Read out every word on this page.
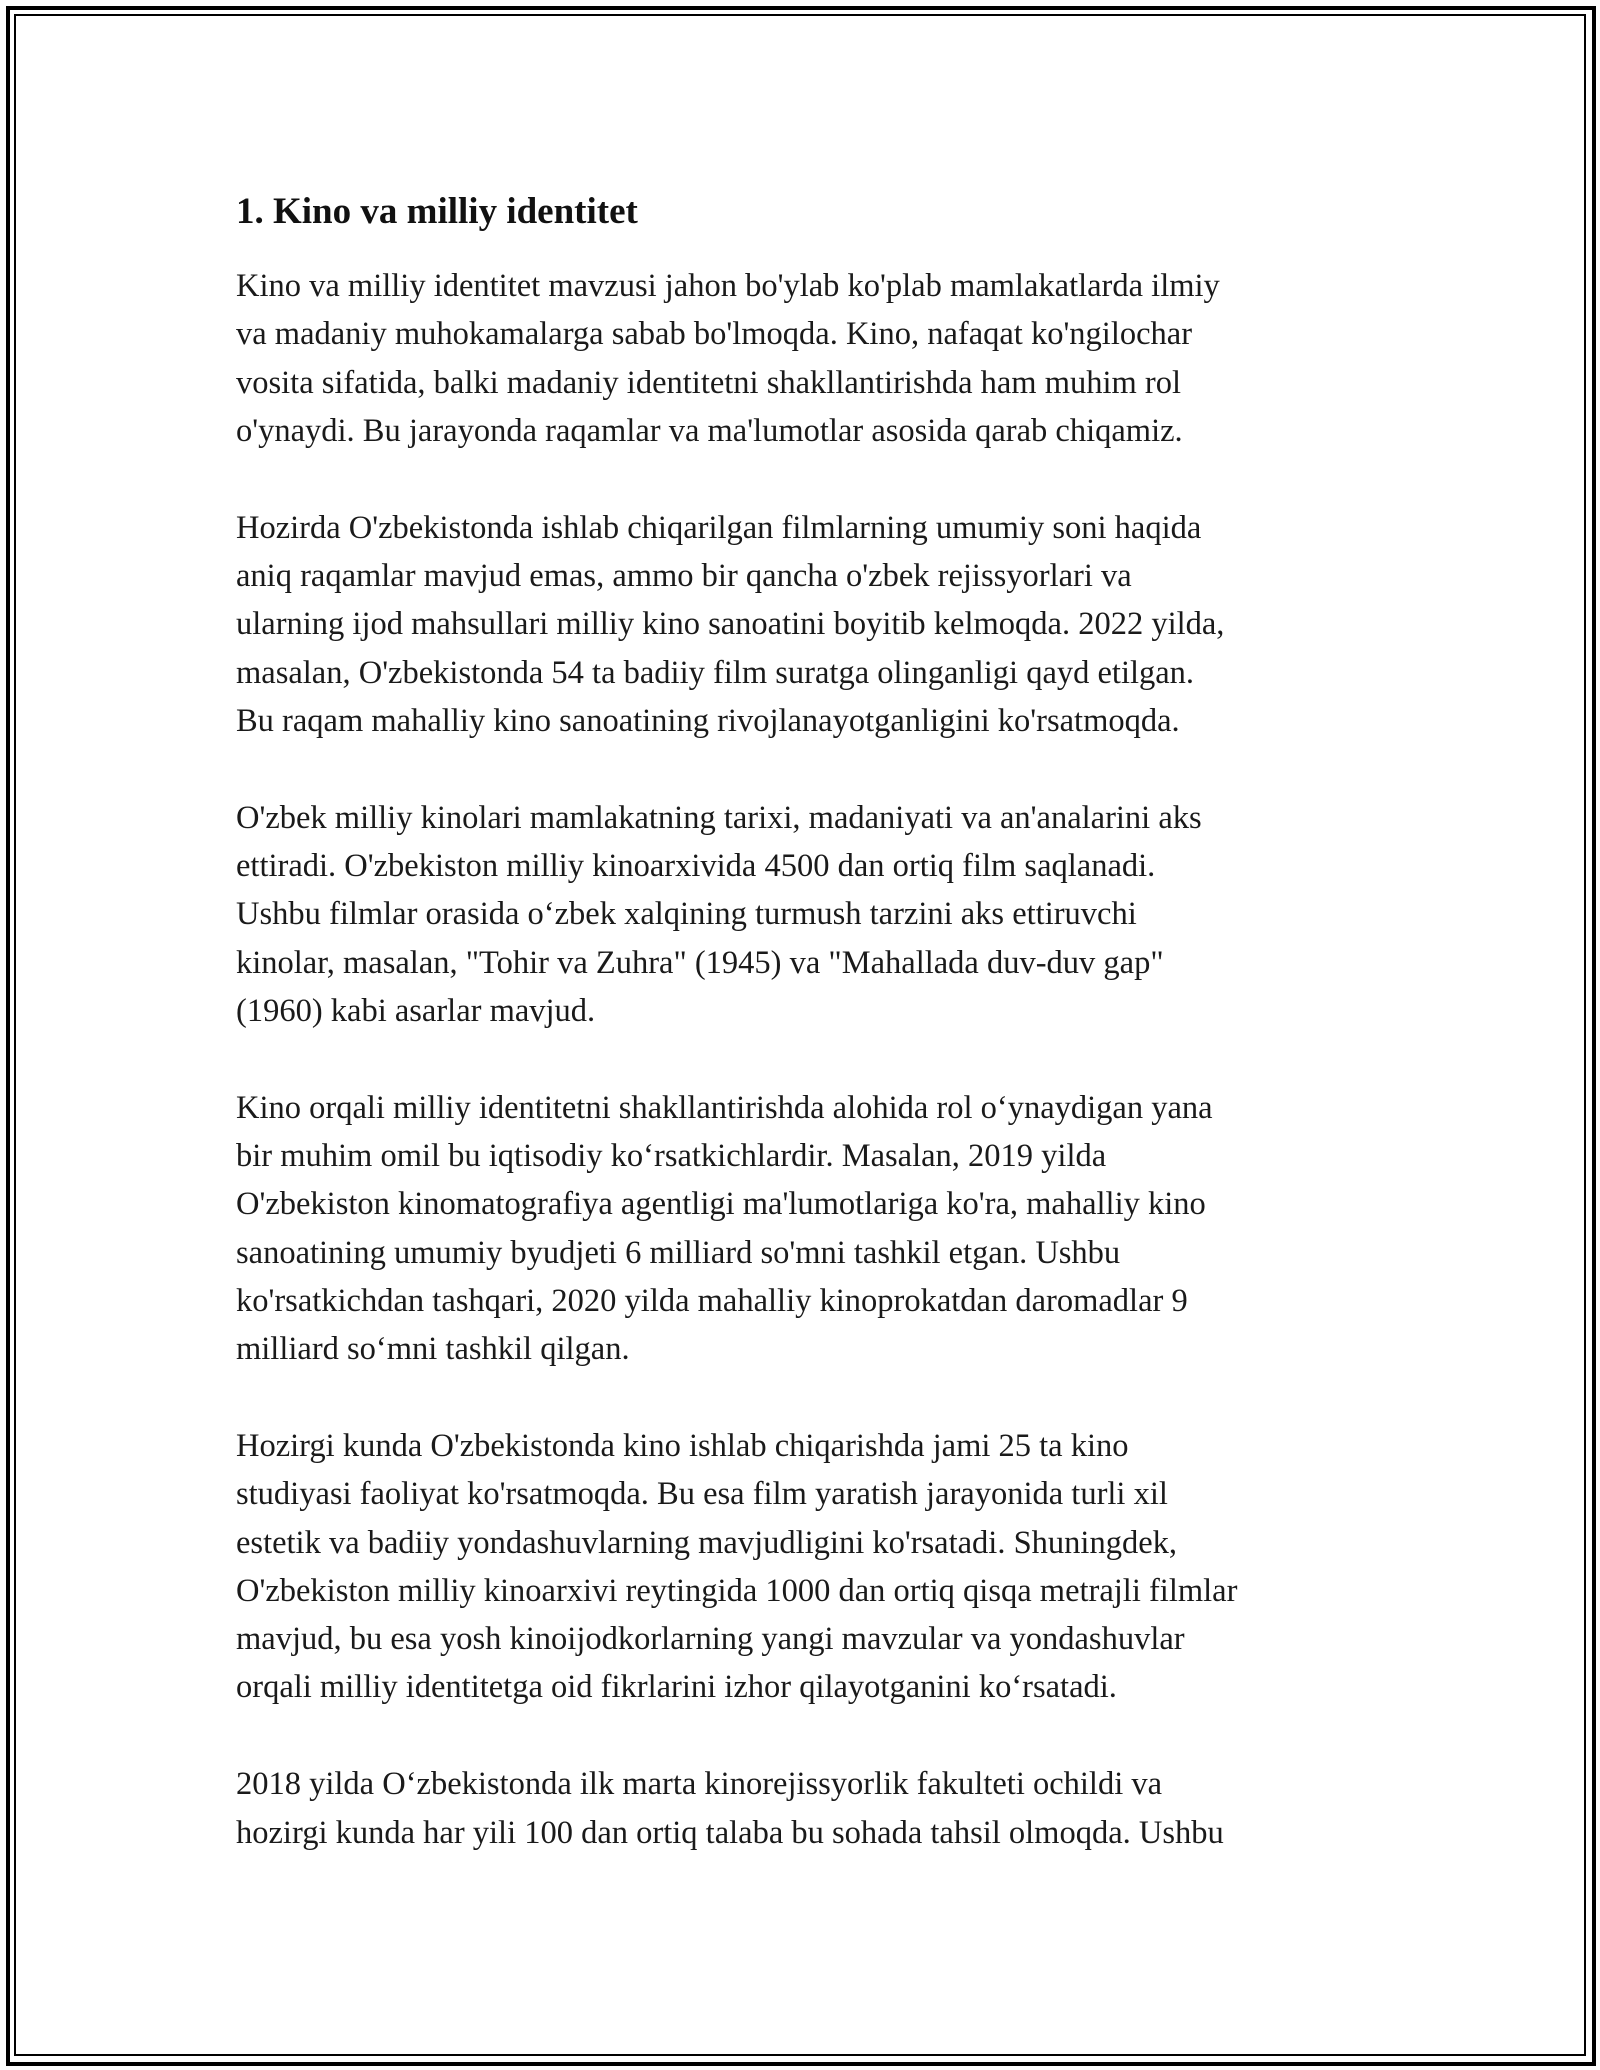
1. Kino va milliy identitet

Kino va milliy identitet mavzusi jahon bo'ylab ko'plab mamlakatlarda ilmiy
va madaniy muhokamalarga sabab bo'lmoqda. Kino, nafaqat ko'ngilochar
vosita sifatida, balki madaniy identitetni shakllantirishda ham muhim rol
o'ynaydi. Bu jarayonda raqamlar va ma'lumotlar asosida qarab chiqamiz.

Hozirda O'zbekistonda ishlab chiqarilgan filmlarning umumiy soni haqida
aniq raqamlar mavjud emas, ammo bir qancha o'zbek rejissyorlari va
ularning ijod mahsullari milliy kino sanoatini boyitib kelmoqda. 2022 yilda,
masalan, O'zbekistonda 54 ta badiiy film suratga olinganligi qayd etilgan.
Bu raqam mahalliy kino sanoatining rivojlanayotganligini ko'rsatmoqda.

O'zbek milliy kinolari mamlakatning tarixi, madaniyati va an'analarini aks
ettiradi. O'zbekiston milliy kinoarxivida 4500 dan ortiq film saqlanadi.
Ushbu filmlar orasida o‘zbek xalqining turmush tarzini aks ettiruvchi
kinolar, masalan, "Tohir va Zuhra" (1945) va "Mahallada duv-duv gap"
(1960) kabi asarlar mavjud.

Kino orqali milliy identitetni shakllantirishda alohida rol o‘ynaydigan yana
bir muhim omil bu iqtisodiy ko‘rsatkichlardir. Masalan, 2019 yilda
O'zbekiston kinomatografiya agentligi ma'lumotlariga ko'ra, mahalliy kino
sanoatining umumiy byudjeti 6 milliard so'mni tashkil etgan. Ushbu
ko'rsatkichdan tashqari, 2020 yilda mahalliy kinoprokatdan daromadlar 9
milliard so‘mni tashkil qilgan.

Hozirgi kunda O'zbekistonda kino ishlab chiqarishda jami 25 ta kino
studiyasi faoliyat ko'rsatmoqda. Bu esa film yaratish jarayonida turli xil
estetik va badiiy yondashuvlarning mavjudligini ko'rsatadi. Shuningdek,
O'zbekiston milliy kinoarxivi reytingida 1000 dan ortiq qisqa metrajli filmlar
mavjud, bu esa yosh kinoijodkorlarning yangi mavzular va yondashuvlar
orqali milliy identitetga oid fikrlarini izhor qilayotganini ko‘rsatadi.

2018 yilda O‘zbekistonda ilk marta kinorejissyorlik fakulteti ochildi va
hozirgi kunda har yili 100 dan ortiq talaba bu sohada tahsil olmoqda. Ushbu
